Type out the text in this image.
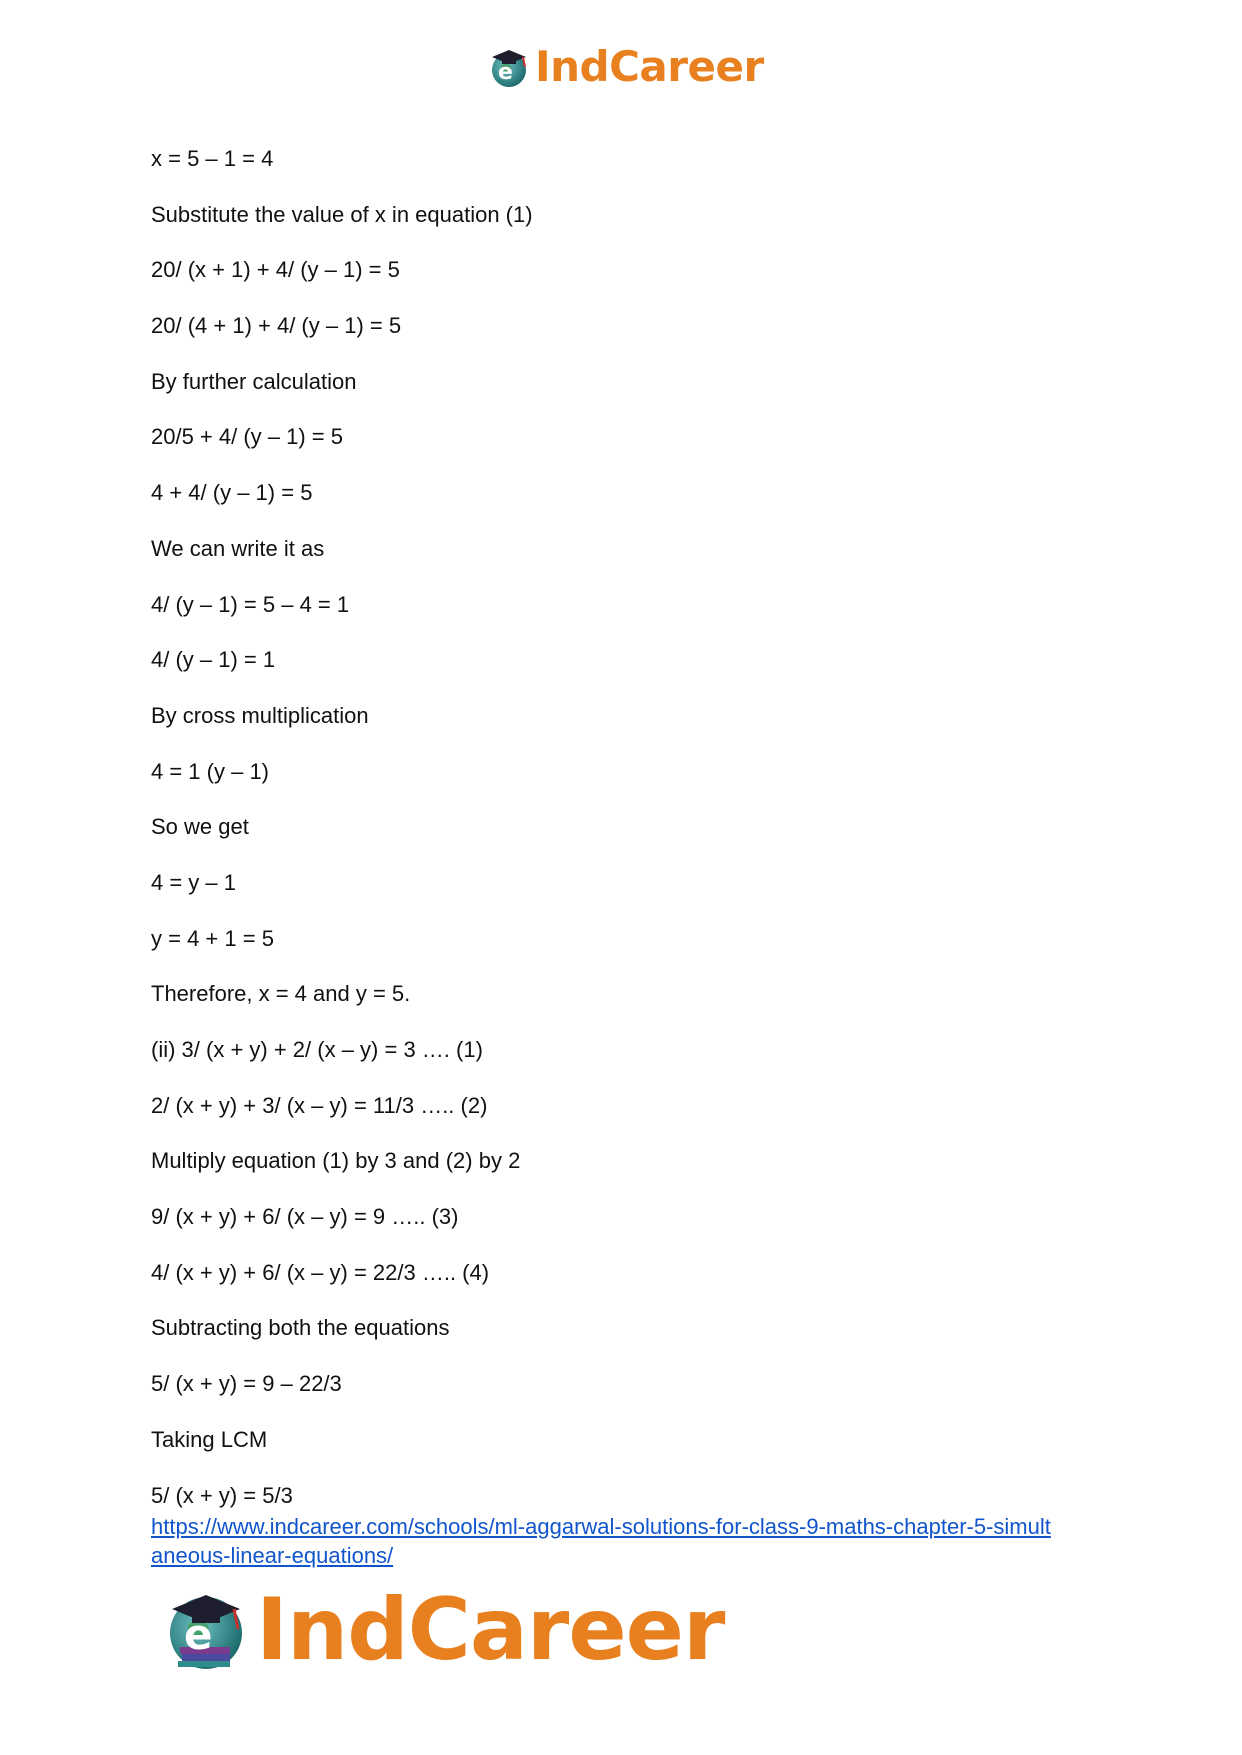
e IndCareer
x = 5 – 1 = 4
Substitute the value of x in equation (1)
20/ (x + 1) + 4/ (y – 1) = 5
20/ (4 + 1) + 4/ (y – 1) = 5
By further calculation
20/5 + 4/ (y – 1) = 5
4 + 4/ (y – 1) = 5
We can write it as
4/ (y – 1) = 5 – 4 = 1
4/ (y – 1) = 1
By cross multiplication
4 = 1 (y – 1)
So we get
4 = y – 1
y = 4 + 1 = 5
Therefore, x = 4 and y = 5.
(ii) 3/ (x + y) + 2/ (x – y) = 3 …. (1)
2/ (x + y) + 3/ (x – y) = 11/3 ….. (2)
Multiply equation (1) by 3 and (2) by 2
9/ (x + y) + 6/ (x – y) = 9 ….. (3)
4/ (x + y) + 6/ (x – y) = 22/3 ….. (4)
Subtracting both the equations
5/ (x + y) = 9 – 22/3
Taking LCM
5/ (x + y) = 5/3
https://www.indcareer.com/schools/ml-aggarwal-solutions-for-class-9-maths-chapter-5-simult
aneous-linear-equations/
e IndCareer
